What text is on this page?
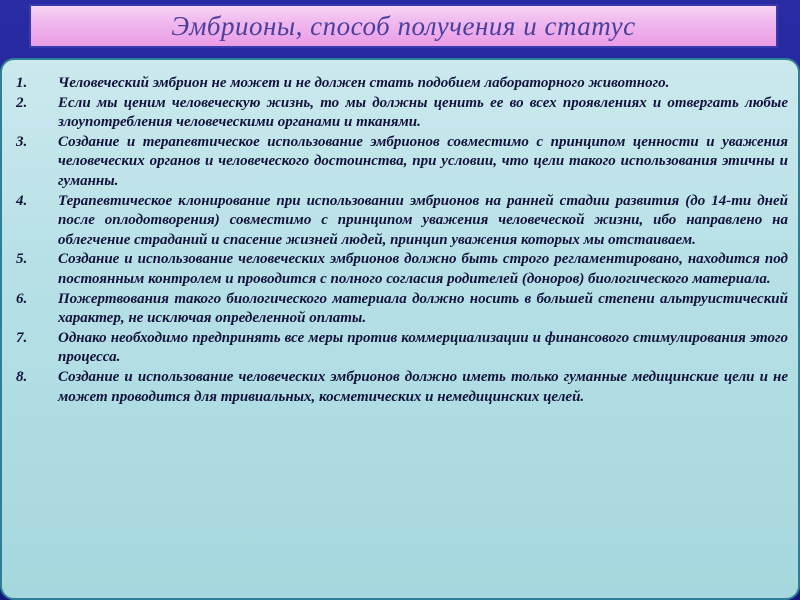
Эмбрионы, способ получения и статус
1.	Человеческий эмбрион не может и не должен стать подобием лабораторного животного.
2.	Если мы ценим человеческую жизнь, то мы должны ценить ее во всех проявлениях и отвергать любые злоупотребления человеческими органами и тканями.
3.	Создание и терапевтическое использование эмбрионов совместимо с принципом ценности и уважения человеческих органов и человеческого достоинства, при условии, что цели такого использования этичны и гуманны.
4.	Терапевтическое клонирование при использовании эмбрионов на ранней стадии развития (до 14-ти дней после оплодотворения) совместимо с принципом уважения человеческой жизни, ибо направлено на облегчение страданий и спасение жизней людей, принцип уважения которых мы отстаиваем.
5.	Создание и использование человеческих эмбрионов должно быть строго регламентировано, находится под постоянным контролем и проводится с полного согласия родителей (доноров) биологического материала.
6.	Пожертвования такого биологического материала должно носить в большей степени альтруистический характер, не исключая определенной оплаты.
7.	Однако необходимо предпринять все меры против коммерциализации и финансового стимулирования этого процесса.
8.	Создание и использование человеческих эмбрионов должно иметь только гуманные медицинские цели и не может проводится для тривиальных, косметических и немедицинских целей.
